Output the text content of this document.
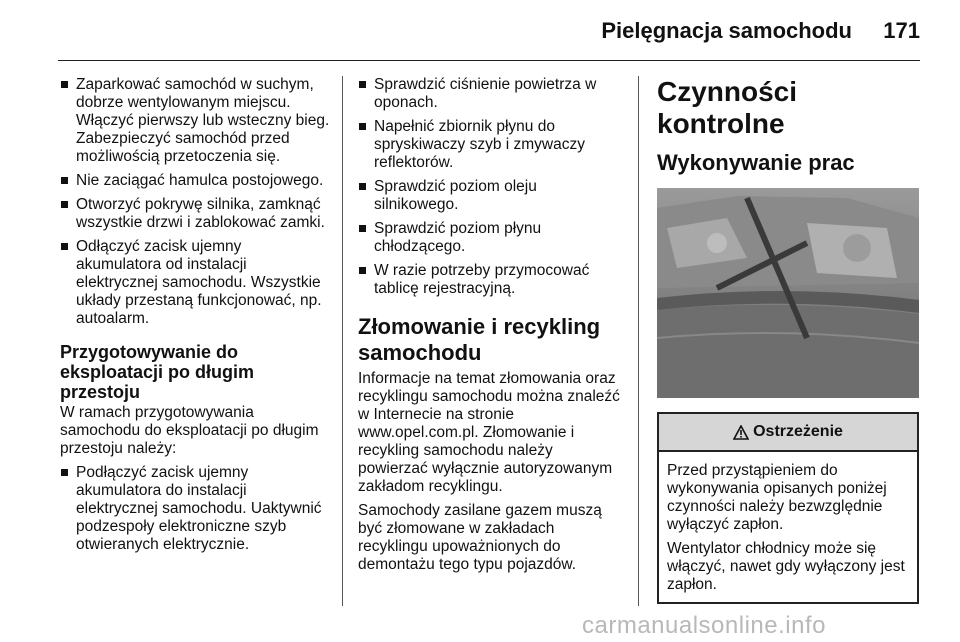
Pielęgnacja samochodu 171
Zaparkować samochód w suchym, dobrze wentylowanym miejscu. Włączyć pierwszy lub wsteczny bieg. Zabezpieczyć samochód przed możliwością przetoczenia się.
Nie zaciągać hamulca postojowego.
Otworzyć pokrywę silnika, zamknąć wszystkie drzwi i zablokować zamki.
Odłączyć zacisk ujemny akumulatora od instalacji elektrycznej samochodu. Wszystkie układy przestaną funkcjonować, np. autoalarm.
Przygotowywanie do eksploatacji po długim przestoju

W ramach przygotowywania samochodu do eksploatacji po długim przestoju należy:

Podłączyć zacisk ujemny akumulatora do instalacji elektrycznej samochodu. Uaktywnić podzespoły elektroniczne szyb otwieranych elektrycznie.
Sprawdzić ciśnienie powietrza w oponach.
Napełnić zbiornik płynu do spryskiwaczy szyb i zmywaczy reflektorów.
Sprawdzić poziom oleju silnikowego.
Sprawdzić poziom płynu chłodzącego.
W razie potrzeby przymocować tablicę rejestracyjną.
Złomowanie i recykling samochodu

Informacje na temat złomowania oraz recyklingu samochodu można znaleźć w Internecie na stronie www.opel.com.pl. Złomowanie i recykling samochodu należy powierzać wyłącznie autoryzowanym zakładom recyklingu.

Samochody zasilane gazem muszą być złomowane w zakładach recyklingu upoważnionych do demontażu tego typu pojazdów.

Czynności kontrolne
Wykonywanie prac
Ostrzeżenie

Przed przystąpieniem do wykonywania opisanych poniżej czynności należy bezwzględnie wyłączyć zapłon.

Wentylator chłodnicy może się włączyć, nawet gdy wyłączony jest zapłon.

carmanualsonline.info
